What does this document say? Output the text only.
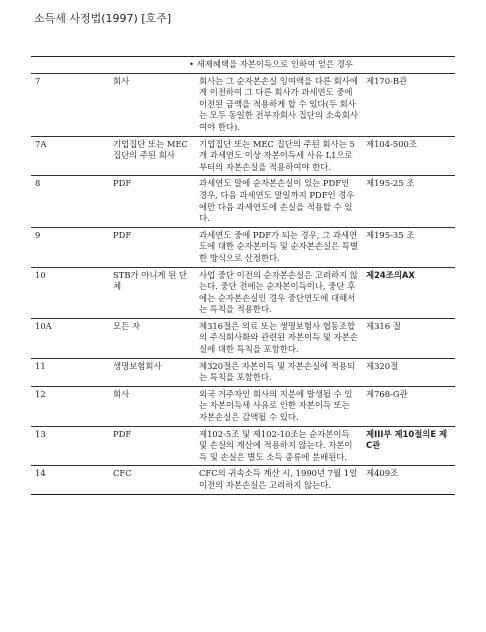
소득세 사정법(1997) [호주]
		• 세제혜택을 자본이득으로 인하여 얻은 경우	
7	회사	회사는 그 순자본손실 잉여액을 다른 회사에게 이전하여 그 다른 회사가 과세연도 중에 이전된 금액을 적용하게 할 수 있다(두 회사는 모두 동일한 전부자회사 집단의 소속회사여야 한다).	제170-B관
7A	기업집단 또는 MEC 집단의 주된 회사	기업집단 또는 MEC 집단의 주된 회사는 5개 과세연도 이상 자본이득세 사유 L1으로부터의 자본손실을 적용하여야 한다.	제104-500조
8	PDF	과세연도 말에 순자본손실이 있는 PDF인 경우, 다음 과세연도 말일까지 PDF인 경우에만 다음 과세연도에 손실을 적용할 수 있다.	제195-25 조
9	PDF	과세연도 중에 PDF가 되는 경우, 그 과세연도에 대한 순자본이득 및 순자본손실은 특별한 방식으로 산정한다.	제195-35 조
10	STB가 아니게 된 단체	사업 중단 이전의 순자본손실은 고려하지 않는다. 중단 전에는 순자본이득이나, 중단 후에는 순자본손실인 경우 중단연도에 대해서는 특칙을 적용한다.	제24조의AX
10A	모든 자	제316절은 의료 또는 생명보험사 협동조합의 주식회사화와 관련된 자본이득 및 자본손실에 대한 특칙을 포함한다.	제316 절
11	생명보험회사	제320절은 자본이득 및 자본손실에 적용되는 특칙을 포함한다.	제320절
12	회사	외국 거주자인 회사의 지분에 발생될 수 있는 자본이득세 사유로 인한 자본이득 또는 자본손실은 감액될 수 있다.	제768-G관
13	PDF	제102-5조 및 제102-10조는 순자본이득 및 손실의 계산에 적용하지 않는다. 자본이득 및 손실은 별도 소득 종류에 분배된다.	제III부 제10절의E 제C관
14	CFC	CFC의 귀속소득 계산 시, 1990년 7월 1일 이전의 자본손실은 고려하지 않는다.	제409조
